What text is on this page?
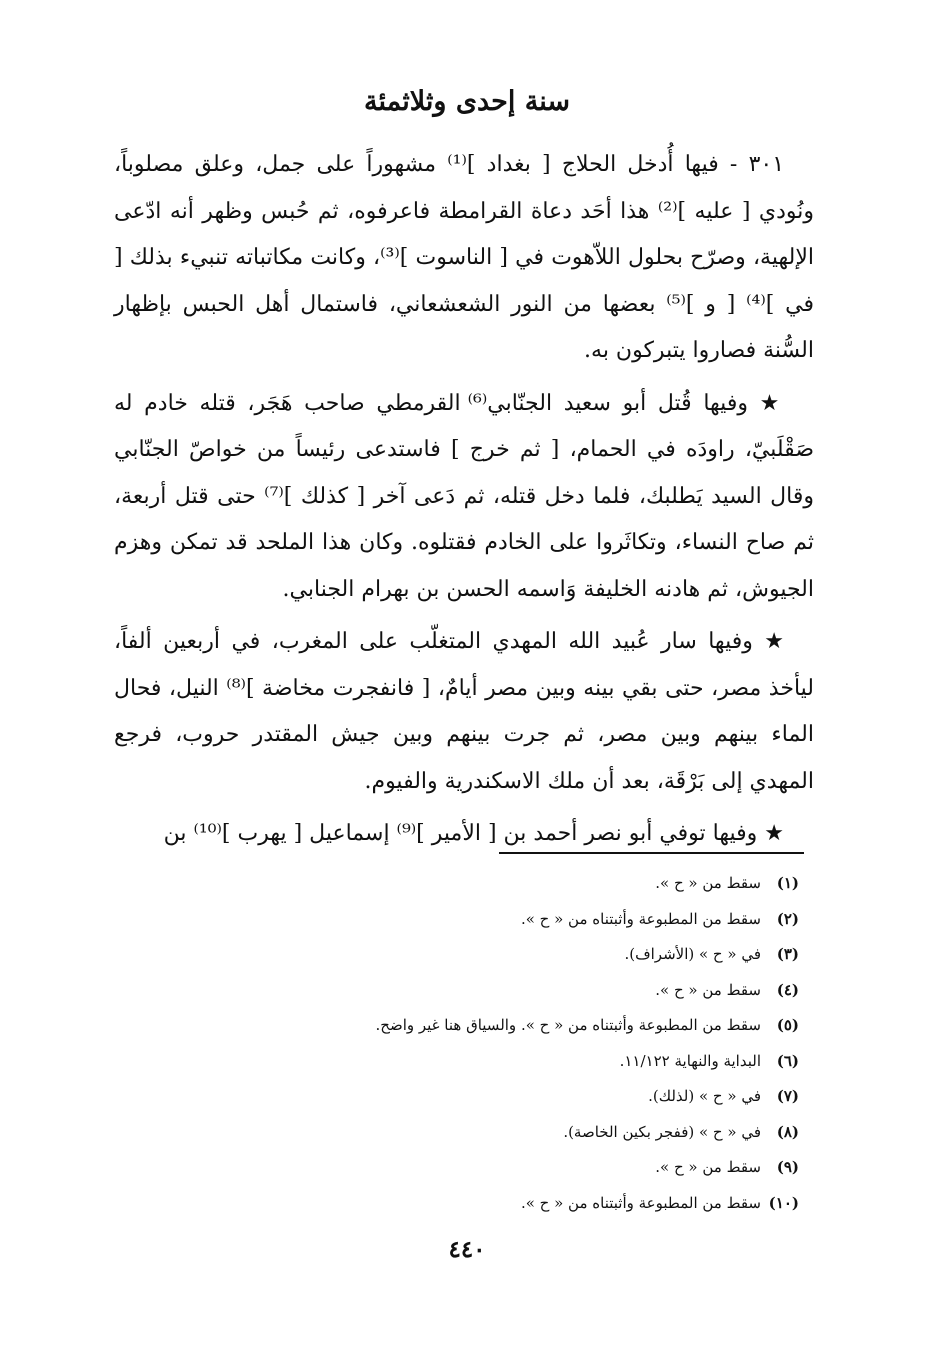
سنة إحدى وثلاثمئة

٣٠١ - فيها أُدخل الحلاج [ بغداد ]⁽¹⁾ مشهوراً على جمل، وعلق مصلوباً، ونُودي [ عليه ]⁽²⁾ هذا أحَد دعاة القرامطة فاعرفوه، ثم حُبس وظهر أنه ادّعى الإلهية، وصرّح بحلول اللاّهوت في [ الناسوت ]⁽³⁾، وكانت مكاتباته تنبيء بذلك [ في ]⁽⁴⁾ [ و ]⁽⁵⁾ بعضها من النور الشعشعاني، فاستمال أهل الحبس بإظهار السُّنة فصاروا يتبركون به.

★ وفيها قُتل أبو سعيد الجنّابي⁽⁶⁾ القرمطي صاحب هَجَر، قتله خادم له صَقْلَبيّ، راودَه في الحمام، [ ثم خرج ] فاستدعى رئيساً من خواصّ الجنّابي وقال السيد يَطلبك، فلما دخل قتله، ثم دَعى آخر [ كذلك ]⁽⁷⁾ حتى قتل أربعة، ثم صاح النساء، وتكاثَروا على الخادم فقتلوه. وكان هذا الملحد قد تمكن وهزم الجيوش، ثم هادنه الخليفة وَاسمه الحسن بن بهرام الجنابي.

★ وفيها سار عُبيد الله المهدي المتغلّب على المغرب، في أربعين ألفاً، ليأخذ مصر، حتى بقي بينه وبين مصر أيامٌ، [ فانفجرت مخاضة ]⁽⁸⁾ النيل، فحال الماء بينهم وبين مصر، ثم جرت بينهم وبين جيش المقتدر حروب، فرجع المهدي إلى بَرْقَة، بعد أن ملك الاسكندرية والفيوم.

★ وفيها توفي أبو نصر أحمد بن [ الأمير ]⁽⁹⁾ إسماعيل [ يهرب ]⁽¹⁰⁾ بن

(١)سقط من « ح ».
(٢)سقط من المطبوعة وأثبتناه من « ح ».
(٣)في « ح » (الأشراف).
(٤)سقط من « ح ».
(٥)سقط من المطبوعة وأثبتناه من « ح ». والسياق هنا غير واضح.
(٦)البداية والنهاية ١١/١٢٢.
(٧)في « ح » (لذلك).
(٨)في « ح » (ففجر بكين الخاصة).
(٩)سقط من « ح ».
(١٠)سقط من المطبوعة وأثبتناه من « ح ».
٤٤٠
